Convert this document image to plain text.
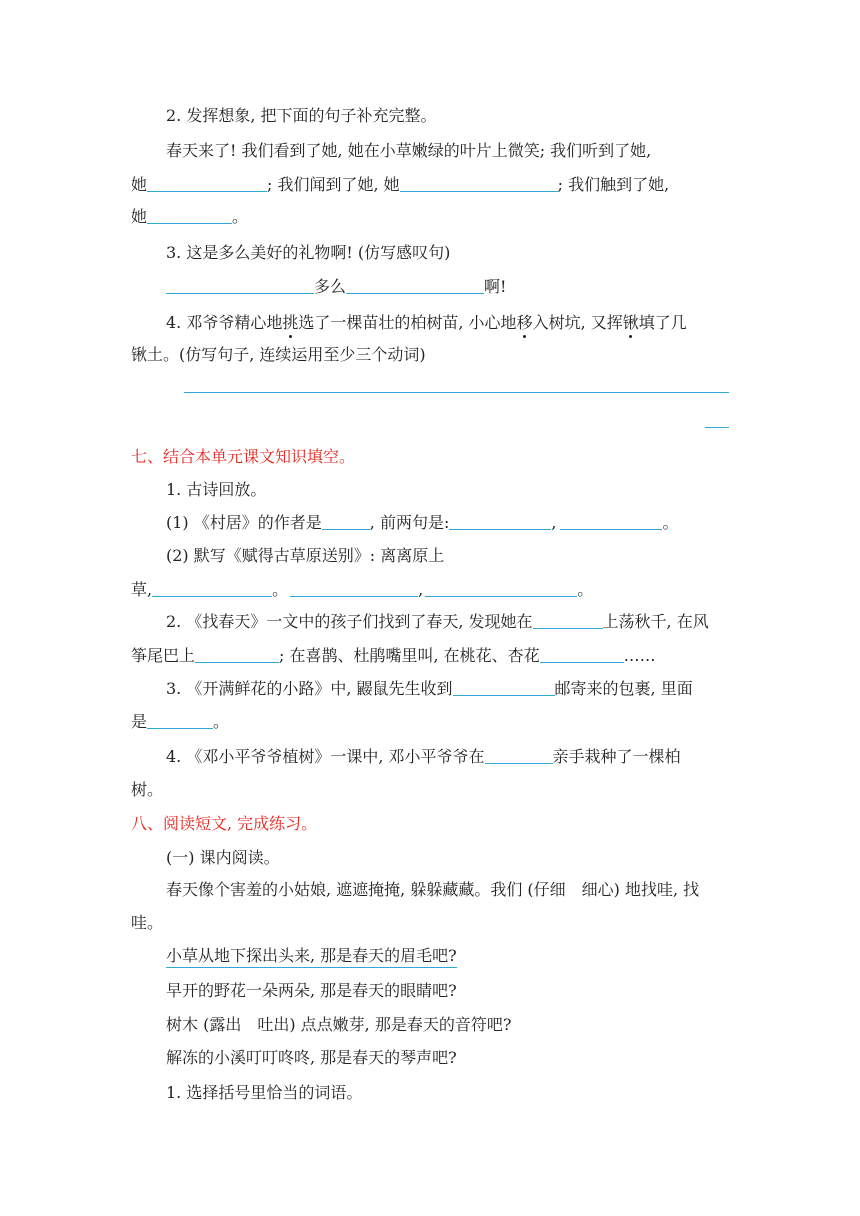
2. 发挥想象, 把下面的句子补充完整。
春天来了! 我们看到了她, 她在小草嫩绿的叶片上微笑; 我们听到了她,
她	; 我们闻到了她, 她	; 我们触到了她,
她	。
3. 这是多么美好的礼物啊! (仿写感叹句)
多么	啊!
4. 邓爷爷精心地挑选了一棵苗壮的柏树苗, 小心地移入树坑, 又挥锹填了几
锹土。(仿写句子, 连续运用至少三个动词)
七、结合本单元课文知识填空。
1. 古诗回放。
(1) 《村居》的作者是	, 前两句是:	,	。
(2) 默写《赋得古草原送别》: 离离原上
草,	。	,	。
2. 《找春天》一文中的孩子们找到了春天, 发现她在	上荡秋千, 在风
筝尾巴上	; 在喜鹊、杜鹃嘴里叫, 在桃花、杏花	……
3. 《开满鲜花的小路》中, 鼹鼠先生收到	邮寄来的包裹, 里面
是	。
4. 《邓小平爷爷植树》一课中, 邓小平爷爷在	亲手栽种了一棵柏
树。
八、阅读短文, 完成练习。
(一) 课内阅读。
春天像个害羞的小姑娘, 遮遮掩掩, 躲躲藏藏。我们 (仔细　细心) 地找哇, 找
哇。
小草从地下探出头来, 那是春天的眉毛吧?
早开的野花一朵两朵, 那是春天的眼睛吧?
树木 (露出　吐出) 点点嫩芽, 那是春天的音符吧?
解冻的小溪叮叮咚咚, 那是春天的琴声吧?
1. 选择括号里恰当的词语。
